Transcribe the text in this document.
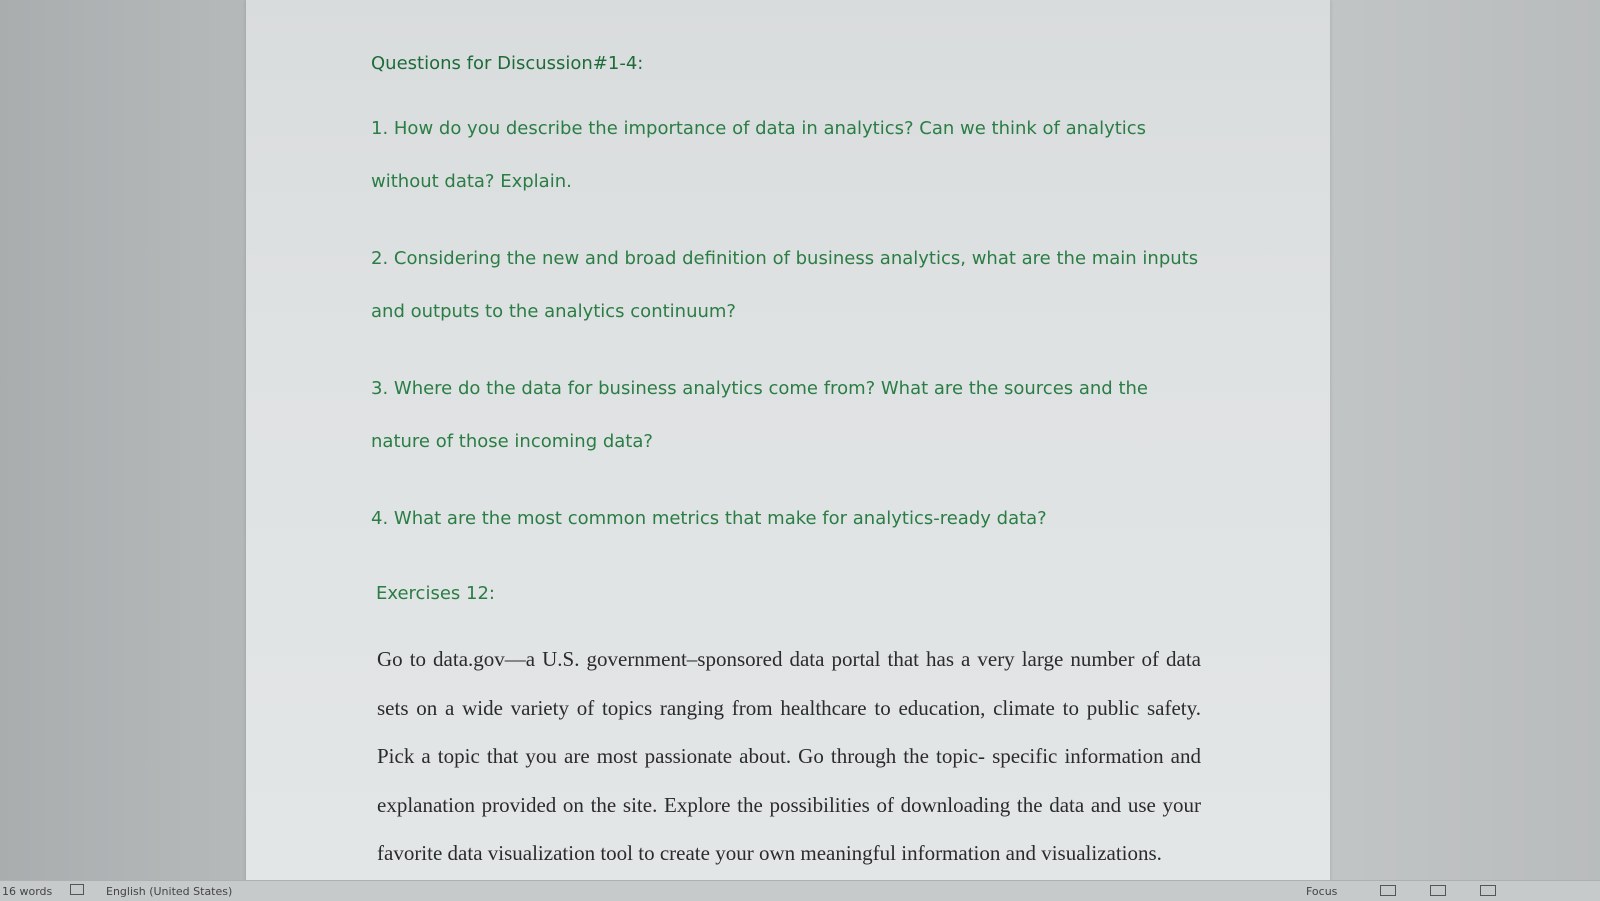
Questions for Discussion#1-4:

1. How do you describe the importance of data in analytics? Can we think of analytics without data? Explain.

2. Considering the new and broad definition of business analytics, what are the main inputs and outputs to the analytics continuum?

3. Where do the data for business analytics come from? What are the sources and the nature of those incoming data?

4. What are the most common metrics that make for analytics-ready data?

Exercises 12:

Go to data.gov—a U.S. government–sponsored data portal that has a very large number of data sets on a wide variety of topics ranging from healthcare to education, climate to public safety. Pick a topic that you are most passionate about. Go through the topic- specific information and explanation provided on the site. Explore the possibilities of downloading the data and use your favorite data visualization tool to create your own meaningful information and visualizations.

16 words	English (United States)	Focus
